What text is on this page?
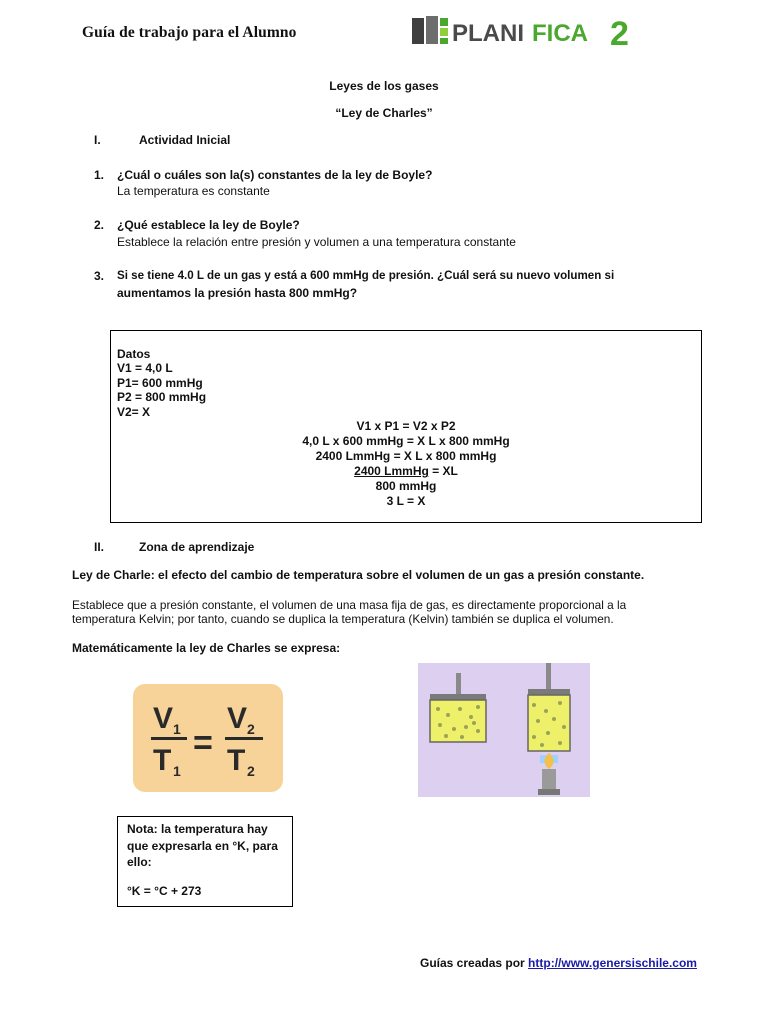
Guía de trabajo para el Alumno	PLANI FICA 2
Leyes de los gases
“Ley de Charles”
I.	Actividad Inicial
1. ¿Cuál o cuáles son la(s) constantes de la ley de Boyle?
La temperatura es constante
2. ¿Qué establece la ley de Boyle?
Establece la relación entre presión y volumen a una temperatura constante
3. Si se tiene 4.0 L de un gas y está a 600 mmHg de presión. ¿Cuál será su nuevo volumen si
aumentamos la presión hasta 800 mmHg?
Datos
V1 = 4,0 L
P1= 600 mmHg
P2 = 800 mmHg
V2= X
V1 x P1 = V2 x P2
4,0 L x 600 mmHg = X L x 800 mmHg
2400 LmmHg = X L x 800 mmHg
2400 LmmHg = XL
800 mmHg
3 L = X
II.	Zona de aprendizaje
Ley de Charle: el efecto del cambio de temperatura sobre el volumen de un gas a presión constante.
Establece que a presión constante, el volumen de una masa fija de gas, es directamente proporcional a la
temperatura Kelvin; por tanto, cuando se duplica la temperatura (Kelvin) también se duplica el volumen.
Matemáticamente la ley de Charles se expresa:
V 1
T 1
=
V 2
T 2
Nota: la temperatura hay
que expresarla en °K, para
ello:
°K = °C + 273
Guías creadas por http://www.genersischile.com
